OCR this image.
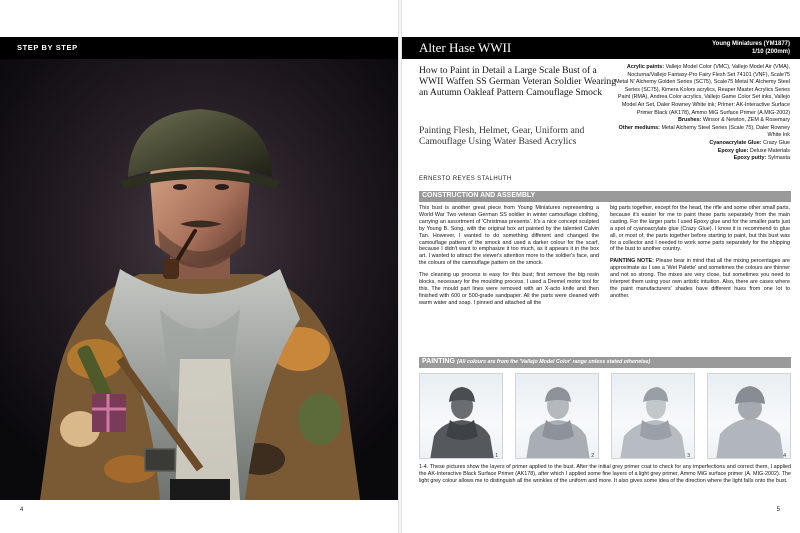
STEP BY STEP
4
Alter Hase WWII	Young Miniatures (YM1877)
1/10 (200mm)
How to Paint in Detail a Large Scale Bust of a WWII Waffen SS German Veteran Soldier Wearing an Autumn Oakleaf Pattern Camouflage Smock
Painting Flesh, Helmet, Gear, Uniform and Camouflage Using Water Based Acrylics
ERNESTO REYES STALHUTH
Acrylic paints: Vallejo Model Color (VMC), Vallejo Model Air (VMA), Nocturna/Vallejo Fantasy-Pro Fairy Flesh Set 74101 (VNF), Scale75 Metal N' Alchemy Golden Series (SC75), Scale75 Metal N' Alchemy Steel Series (SC75), Kimera Kolors acrylics, Reaper Master Acrylics Series Paint (RMA), Andrea Color acrylics, Vallejo Game Color Set inks, Vallejo Model Air Set, Daler Rowney White ink; Primer: AK-Interactive Surface Primer Black (AK178), Ammo MiG Surface Primer (A.MIG-2002)
Brushes: Winsor & Newton, ZEM & Rosemary
Other mediums: Metal Alchemy Steel Series (Scale 75), Daler Rowney White Ink
Cyanoacrylate Glue: Crazy Glue
Epoxy glue: Deluxe Materials
Epoxy putty: Sylmasta
CONSTRUCTION AND ASSEMBLY

This bust is another great piece from Young Miniatures representing a World War Two veteran German SS soldier in winter camouflage clothing, carrying an assortment of 'Christmas presents'. It's a nice concept sculpted by Young B. Song, with the original box art painted by the talented Calvin Tan. However, I wanted to do something different and changed the camouflage pattern of the smock and used a darker colour for the scarf, because I didn't want to emphasize it too much, as it appears it in the box art. I wanted to attract the viewer's attention more to the soldier's face, and the colours of the camouflage pattern on the smock.

The cleaning up process is easy for this bust; first remove the big resin blocks, necessary for the moulding process. I used a Dremel motor tool for this. The mould part lines were removed with an X-acto knife and then finished with 600 or 500-grade sandpaper. All the parts were cleaned with warm water and soap. I pinned and attached all the

big parts together, except for the head, the rifle and some other small parts, because it's easier for me to paint these parts separately from the main casting. For the larger parts I used Epoxy glue and for the smaller parts just a spot of cyanoacrylate glue (Crazy Glue). I know it is recommend to glue all, or most of, the parts together before starting to paint, but this bust was for a collector and I needed to work some parts separately for the shipping of the bust to another country.

PAINTING NOTE: Please bear in mind that all the mixing percentages are approximate as I use a 'Wet Palette' and sometimes the colours are thinner and not so strong. The mixes are very close, but sometimes you need to interpret them using your own artistic intuition. Also, there are cases where the paint manufacturers' shades have different hues from one lot to another.

PAINTING (All colours are from the 'Vallejo Model Color' range unless stated otherwise)
1	2	3	4
1-4. These pictures show the layers of primer applied to the bust. After the initial grey primer coat to check for any imperfections and correct them, I applied the AK-Interactive Black Surface Primer (AK178), after which I applied some fine layers of a light grey primer, Ammo MiG surface primer (A. MIG-2002). The light grey colour allows me to distinguish all the wrinkles of the uniform and more. It also gives some idea of the direction where the light falls onto the bust.
5
